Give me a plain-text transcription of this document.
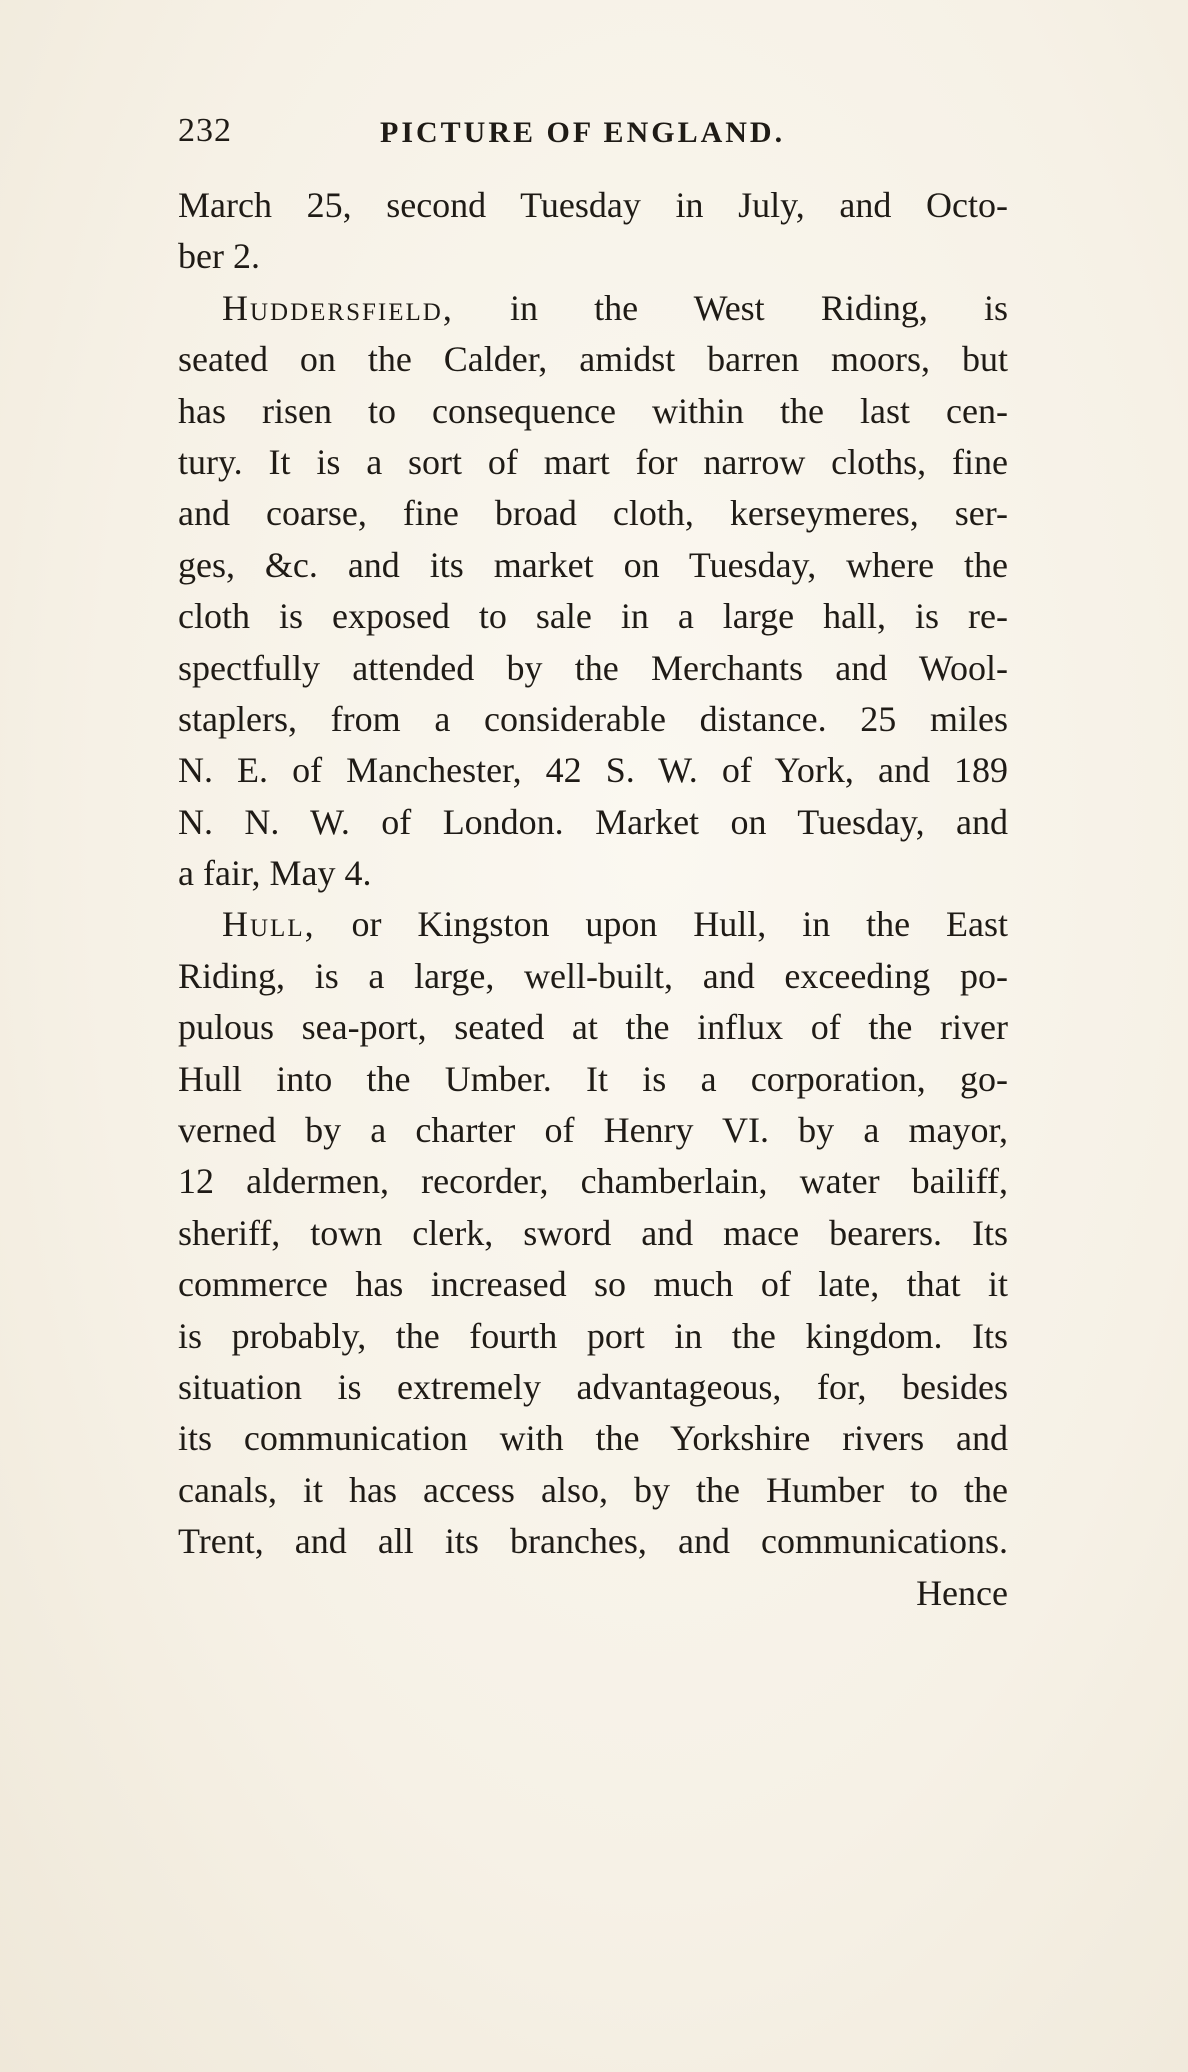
232	PICTURE OF ENGLAND.
March 25, second Tuesday in July, and Octo-
ber 2.
Huddersfield, in the West Riding, is
seated on the Calder, amidst barren moors, but
has risen to consequence within the last cen-
tury. It is a sort of mart for narrow cloths, fine
and coarse, fine broad cloth, kerseymeres, ser-
ges, &c. and its market on Tuesday, where the
cloth is exposed to sale in a large hall, is re-
spectfully attended by the Merchants and Wool-
staplers, from a considerable distance. 25 miles
N. E. of Manchester, 42 S. W. of York, and 189
N. N. W. of London. Market on Tuesday, and
a fair, May 4.
Hull, or Kingston upon Hull, in the East
Riding, is a large, well-built, and exceeding po-
pulous sea-port, seated at the influx of the river
Hull into the Umber. It is a corporation, go-
verned by a charter of Henry VI. by a mayor,
12 aldermen, recorder, chamberlain, water bailiff,
sheriff, town clerk, sword and mace bearers. Its
commerce has increased so much of late, that it
is probably, the fourth port in the kingdom. Its
situation is extremely advantageous, for, besides
its communication with the Yorkshire rivers and
canals, it has access also, by the Humber to the
Trent, and all its branches, and communications.
Hence
